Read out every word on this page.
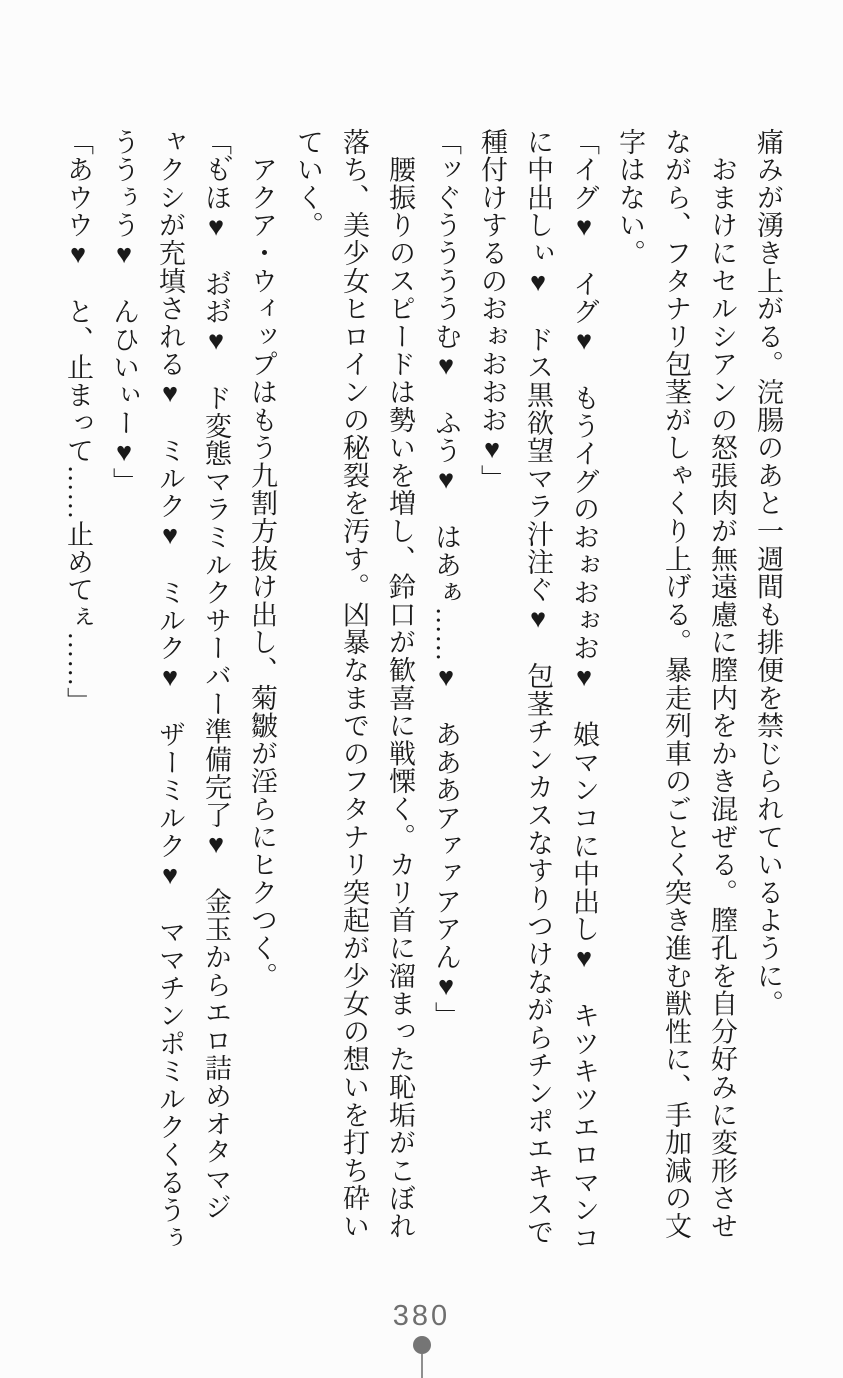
痛みが湧き上がる。浣腸のあと一週間も排便を禁じられているように。
　おまけにセルシアンの怒張肉が無遠慮に膣内をかき混ぜる。膣孔を自分好みに変形させ
ながら、フタナリ包茎がしゃくり上げる。暴走列車のごとく突き進む獣性に、手加減の文
字はない。
「イグ♥　イグ♥　もうイグのおぉおぉお♥　娘マンコに中出し♥　キツキツエロマンコ
に中出しぃ♥　ドス黒欲望マラ汁注ぐ♥　包茎チンカスなすりつけながらチンポエキスで
種付けするのおぉおおお♥」
「ッぐううううむ♥　ふう♥　はあぁ……♥　あああアァァアアん♥」
　腰振りのスピードは勢いを増し、鈴口が歓喜に戦慄く。カリ首に溜まった恥垢がこぼれ
落ち、美少女ヒロインの秘裂を汚す。凶暴なまでのフタナリ突起が少女の想いを打ち砕い
ていく。
　アクア・ウィップはもう九割方抜け出し、菊皺が淫らにヒクつく。
「も゙ほ♥　お゙お゙♥　ド変態マラミルクサーバー準備完了♥　金玉からエロ詰めオタマジ
ャクシが充填される♥　ミルク♥　ミルク♥　ザーミルク♥　ママチンポミルクくるうぅ
ううぅう♥　んひいぃー♥」
「あウウ♥　と、止まって……止めてぇ……」
380
